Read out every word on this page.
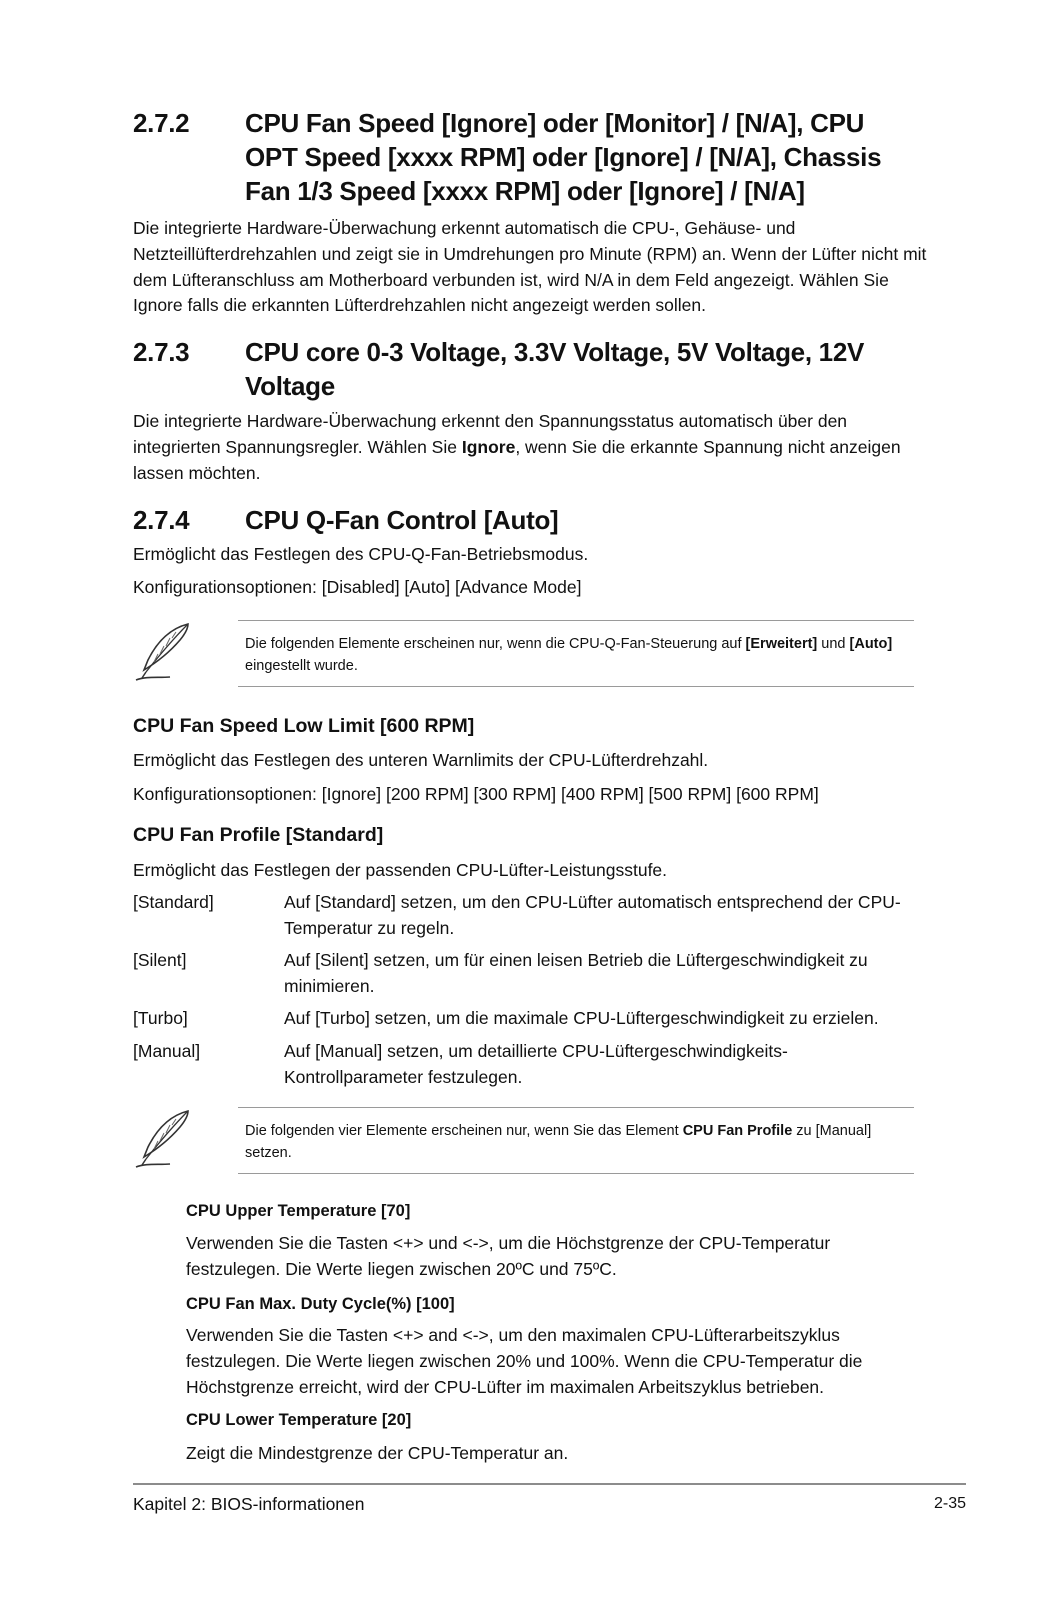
2.7.2 CPU Fan Speed [Ignore] oder [Monitor] / [N/A], CPU
OPT Speed [xxxx RPM] oder [Ignore] / [N/A], Chassis
Fan 1/3 Speed [xxxx RPM] oder [Ignore] / [N/A]
Die integrierte Hardware-Überwachung erkennt automatisch die CPU-, Gehäuse- und Netzteillüfterdrehzahlen und zeigt sie in Umdrehungen pro Minute (RPM) an. Wenn der Lüfter nicht mit dem Lüfteranschluss am Motherboard verbunden ist, wird N/A in dem Feld angezeigt. Wählen Sie Ignore falls die erkannten Lüfterdrehzahlen nicht angezeigt werden sollen.
2.7.3 CPU core 0-3 Voltage, 3.3V Voltage, 5V Voltage, 12V
Voltage
Die integrierte Hardware-Überwachung erkennt den Spannungsstatus automatisch über den integrierten Spannungsregler. Wählen Sie Ignore, wenn Sie die erkannte Spannung nicht anzeigen lassen möchten.
2.7.4 CPU Q-Fan Control [Auto]
Ermöglicht das Festlegen des CPU-Q-Fan-Betriebsmodus.
Konfigurationsoptionen: [Disabled] [Auto] [Advance Mode]
Die folgenden Elemente erscheinen nur, wenn die CPU-Q-Fan-Steuerung auf [Erweitert] und [Auto] eingestellt wurde.
CPU Fan Speed Low Limit [600 RPM]
Ermöglicht das Festlegen des unteren Warnlimits der CPU-Lüfterdrehzahl.
Konfigurationsoptionen: [Ignore] [200 RPM] [300 RPM] [400 RPM] [500 RPM] [600 RPM]
CPU Fan Profile [Standard]
Ermöglicht das Festlegen der passenden CPU-Lüfter-Leistungsstufe.
[Standard]	Auf [Standard] setzen, um den CPU-Lüfter automatisch entsprechend der CPU-Temperatur zu regeln.
[Silent]	Auf [Silent] setzen, um für einen leisen Betrieb die Lüftergeschwindigkeit zu minimieren.
[Turbo]	Auf [Turbo] setzen, um die maximale CPU-Lüftergeschwindigkeit zu erzielen.
[Manual]	Auf [Manual] setzen, um detaillierte CPU-Lüftergeschwindigkeits-Kontrollparameter festzulegen.
Die folgenden vier Elemente erscheinen nur, wenn Sie das Element CPU Fan Profile zu [Manual] setzen.
CPU Upper Temperature [70]
Verwenden Sie die Tasten <+> und <->, um die Höchstgrenze der CPU-Temperatur festzulegen. Die Werte liegen zwischen 20ºC und 75ºC.
CPU Fan Max. Duty Cycle(%) [100]
Verwenden Sie die Tasten <+> and <->, um den maximalen CPU-Lüfterarbeitszyklus festzulegen. Die Werte liegen zwischen 20% und 100%. Wenn die CPU-Temperatur die Höchstgrenze erreicht, wird der CPU-Lüfter im maximalen Arbeitszyklus betrieben.
CPU Lower Temperature [20]
Zeigt die Mindestgrenze der CPU-Temperatur an.
Kapitel 2: BIOS-informationen	2-35
